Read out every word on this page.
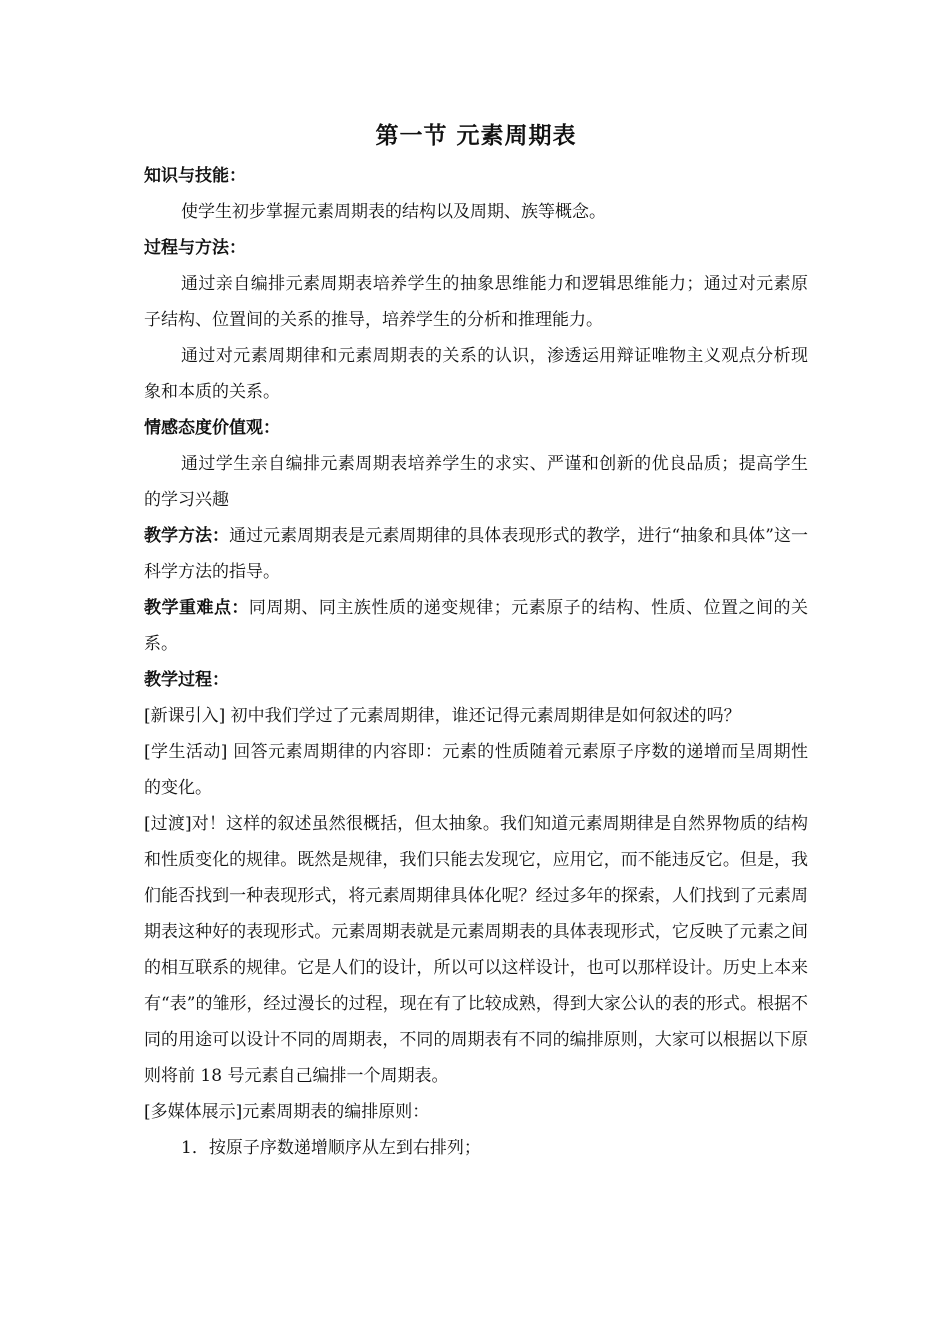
第一节 元素周期表
知识与技能：

使学生初步掌握元素周期表的结构以及周期、族等概念。

过程与方法：

通过亲自编排元素周期表培养学生的抽象思维能力和逻辑思维能力；通过对元素原子结构、位置间的关系的推导，培养学生的分析和推理能力。

通过对元素周期律和元素周期表的关系的认识，渗透运用辩证唯物主义观点分析现象和本质的关系。

情感态度价值观：

通过学生亲自编排元素周期表培养学生的求实、严谨和创新的优良品质；提高学生的学习兴趣

教学方法：通过元素周期表是元素周期律的具体表现形式的教学，进行“抽象和具体”这一科学方法的指导。

教学重难点：同周期、同主族性质的递变规律；元素原子的结构、性质、位置之间的关系。

教学过程：

[新课引入] 初中我们学过了元素周期律，谁还记得元素周期律是如何叙述的吗？

[学生活动] 回答元素周期律的内容即：元素的性质随着元素原子序数的递增而呈周期性的变化。

[过渡]对！这样的叙述虽然很概括，但太抽象。我们知道元素周期律是自然界物质的结构和性质变化的规律。既然是规律，我们只能去发现它，应用它，而不能违反它。但是，我们能否找到一种表现形式，将元素周期律具体化呢？经过多年的探索，人们找到了元素周期表这种好的表现形式。元素周期表就是元素周期表的具体表现形式，它反映了元素之间的相互联系的规律。它是人们的设计，所以可以这样设计，也可以那样设计。历史上本来有“表”的雏形，经过漫长的过程，现在有了比较成熟，得到大家公认的表的形式。根据不同的用途可以设计不同的周期表，不同的周期表有不同的编排原则，大家可以根据以下原则将前 18 号元素自己编排一个周期表。

[多媒体展示]元素周期表的编排原则：

1．按原子序数递增顺序从左到右排列；
